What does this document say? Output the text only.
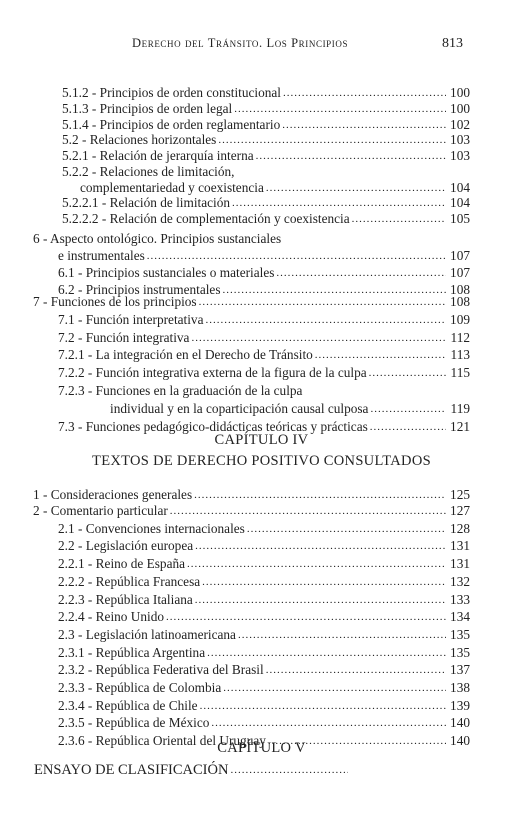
Derecho del Tránsito. Los Principios	813
5.1.2 - Principios de orden constitucional .....	100
5.1.3 - Principios de orden legal .....	100
5.1.4 - Principios de orden reglamentario .....	102
5.2 - Relaciones horizontales .....	103
5.2.1 - Relación de jerarquía interna .....	103
5.2.2 - Relaciones de limitación,
complementariedad y coexistencia .....	104
5.2.2.1 - Relación de limitación .....	104
5.2.2.2 - Relación de complementación y coexistencia .....	105
6 - Aspecto ontológico. Principios sustanciales
e instrumentales .....	107
6.1 - Principios sustanciales o materiales .....	107
6.2 - Principios instrumentales .....	108
7 - Funciones de los principios .....	108
7.1 - Función interpretativa .....	109
7.2 - Función integrativa .....	112
7.2.1 - La integración en el Derecho de Tránsito .....	113
7.2.2 - Función integrativa externa de la figura de la culpa .....	115
7.2.3 - Funciones en la graduación de la culpa
individual y en la coparticipación causal culposa .....	119
7.3 - Funciones pedagógico-didácticas teóricas y prácticas .....	121
CAPÍTULO IV
TEXTOS DE DERECHO POSITIVO CONSULTADOS
1 - Consideraciones generales .....	125
2 - Comentario particular .....	127
2.1 - Convenciones internacionales .....	128
2.2 - Legislación europea .....	131
2.2.1 - Reino de España .....	131
2.2.2 - República Francesa .....	132
2.2.3 - República Italiana .....	133
2.2.4 - Reino Unido .....	134
2.3 - Legislación latinoamericana .....	135
2.3.1 - República Argentina .....	135
2.3.2 - República Federativa del Brasil .....	137
2.3.3 - República de Colombia .....	138
2.3.4 - República de Chile .....	139
2.3.5 - República de México .....	140
2.3.6 - República Oriental del Uruguay .....	140
CAPÍTULO V
ENSAYO DE CLASIFICACIÓN
.....
